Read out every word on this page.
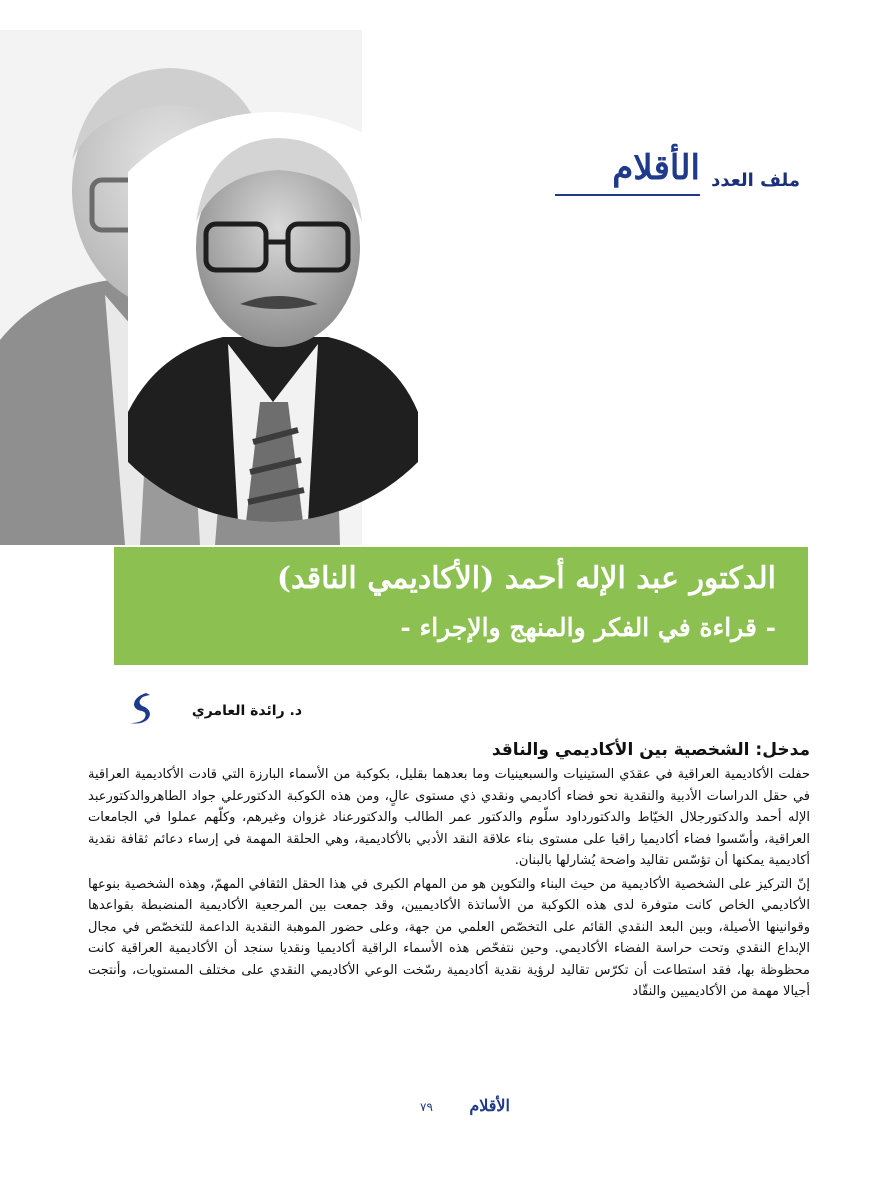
الأقلام ملف العدد
الدكتور عبد الإله أحمد (الأكاديمي الناقد)
- قراءة في الفكر والمنهج والإجراء -
د. رائدة العامري
مدخل: الشخصية بين الأكاديمي والناقد

حفلت الأكاديمية العراقية في عقدَي الستينيات والسبعينيات وما بعدهما بقليل، بكوكبة من الأسماء البارزة التي قادت الأكاديمية العراقية في حقل الدراسات الأدبية والنقدية نحو فضاء أكاديمي ونقدي ذي مستوى عالٍ، ومن هذه الكوكبة الدكتورعلي جواد الطاهروالدكتورعبد الإله أحمد والدكتورجلال الخيّاط والدكتورداود سلّوم والدكتور عمر الطالب والدكتورعناد غزوان وغيرهم، وكلّهم عملوا في الجامعات العراقية، وأسّسوا فضاء أكاديميا راقيا على مستوى بناء علاقة النقد الأدبي بالأكاديمية، وهي الحلقة المهمة في إرساء دعائم ثقافة نقدية أكاديمية يمكنها أن تؤسّس تقاليد واضحة يُشارلها بالبنان.

إنّ التركيز على الشخصية الأكاديمية من حيث البناء والتكوين هو من المهام الكبرى في هذا الحقل الثقافي المهمّ، وهذه الشخصية بنوعها الأكاديمي الخاص كانت متوفرة لدى هذه الكوكبة من الأساتذة الأكاديميين، وقد جمعت بين المرجعية الأكاديمية المنضبطة بقواعدها وقوانينها الأصيلة، وبين البعد النقدي القائم على التخصّص العلمي من جهة، وعلى حضور الموهبة النقدية الداعمة للتخصّص في مجال الإبداع النقدي وتحت حراسة الفضاء الأكاديمي. وحين نتفحّص هذه الأسماء الراقية أكاديميا ونقديا سنجد أن الأكاديمية العراقية كانت محظوظة بها، فقد استطاعت أن تكرّس تقاليد لرؤية نقدية أكاديمية رسّخت الوعي الأكاديمي النقدي على مختلف المستويات، وأنتجت أجيالا مهمة من الأكاديميين والنقّاد

الأقلام
٧٩
